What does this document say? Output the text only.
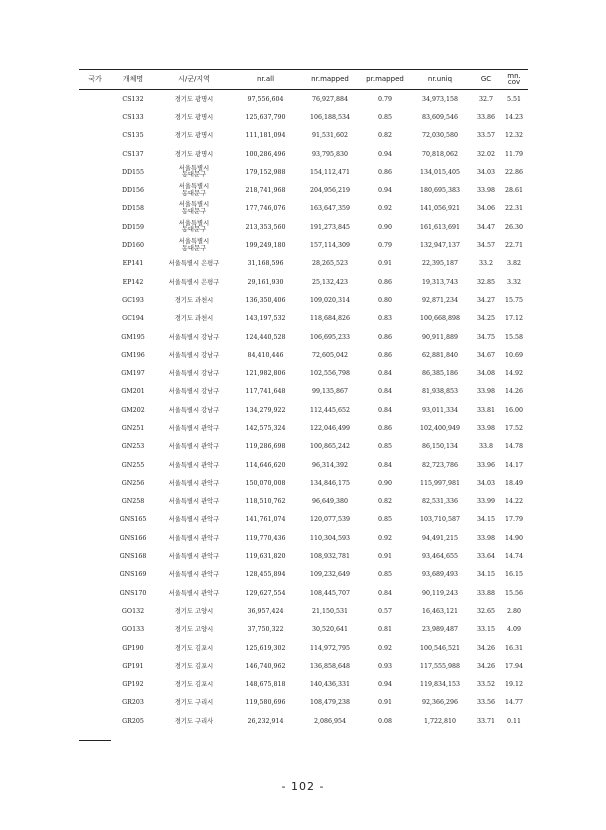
국가	개체명	시/군/지역	nr.all	nr.mapped	pr.mapped	nr.uniq	GC	mn.
cov
	CS132	경기도 광명시	97,556,604	76,927,884	0.79	34,973,158	32.7	5.51
	CS133	경기도 광명시	125,637,790	106,188,534	0.85	83,609,546	33.86	14.23
	CS135	경기도 광명시	111,181,094	91,531,602	0.82	72,030,580	33.57	12.32
	CS137	경기도 광명시	100,286,496	93,795,830	0.94	70,818,062	32.02	11.79
	DD155	서울특별시
동대문구	179,152,988	154,112,471	0.86	134,015,405	34.03	22.86
	DD156	서울특별시
동대문구	218,741,968	204,956,219	0.94	180,695,383	33.98	28.61
	DD158	서울특별시
동대문구	177,746,076	163,647,359	0.92	141,056,921	34.06	22.31
	DD159	서울특별시
동대문구	213,353,560	191,273,845	0.90	161,613,691	34.47	26.30
	DD160	서울특별시
동대문구	199,249,180	157,114,309	0.79	132,947,137	34.57	22.71
	EP141	서울특별시 은평구	31,168,596	28,265,523	0.91	22,395,187	33.2	3.82
	EP142	서울특별시 은평구	29,161,930	25,132,423	0.86	19,313,743	32.85	3.32
	GC193	경기도 과천시	136,350,406	109,020,314	0.80	92,871,234	34.27	15.75
	GC194	경기도 과천시	143,197,532	118,684,826	0.83	100,668,898	34.25	17.12
	GM195	서울특별시 강남구	124,440,528	106,695,233	0.86	90,911,889	34.75	15.58
	GM196	서울특별시 강남구	84,410,446	72,605,042	0.86	62,881,840	34.67	10.69
	GM197	서울특별시 강남구	121,982,806	102,556,798	0.84	86,385,186	34.08	14.92
	GM201	서울특별시 강남구	117,741,648	99,135,867	0.84	81,938,853	33.98	14.26
	GM202	서울특별시 강남구	134,279,922	112,445,652	0.84	93,011,334	33.81	16.00
	GN251	서울특별시 관악구	142,575,324	122,046,499	0.86	102,400,949	33.98	17.52
	GN253	서울특별시 관악구	119,286,698	100,865,242	0.85	86,150,134	33.8	14.78
	GN255	서울특별시 관악구	114,646,620	96,314,392	0.84	82,723,786	33.96	14.17
	GN256	서울특별시 관악구	150,070,008	134,846,175	0.90	115,997,981	34.03	18.49
	GN258	서울특별시 관악구	118,510,762	96,649,380	0.82	82,531,336	33.99	14.22
	GNS165	서울특별시 관악구	141,761,074	120,077,539	0.85	103,710,587	34.15	17.79
	GNS166	서울특별시 관악구	119,770,436	110,304,593	0.92	94,491,215	33.98	14.90
	GNS168	서울특별시 관악구	119,631,820	108,932,781	0.91	93,464,655	33.64	14.74
	GNS169	서울특별시 관악구	128,455,894	109,232,649	0.85	93,689,493	34.15	16.15
	GNS170	서울특별시 관악구	129,627,554	108,445,707	0.84	90,119,243	33.88	15.56
	GO132	경기도 고양시	36,957,424	21,150,531	0.57	16,463,121	32.65	2.80
	GO133	경기도 고양시	37,750,322	30,520,641	0.81	23,989,487	33.15	4.09
	GP190	경기도 김포시	125,619,302	114,972,795	0.92	100,546,521	34.26	16.31
	GP191	경기도 김포시	146,740,962	136,858,648	0.93	117,555,988	34.26	17.94
	GP192	경기도 김포시	148,675,818	140,436,331	0.94	119,834,153	33.52	19.12
	GR203	경기도 구리시	119,580,696	108,479,238	0.91	92,366,296	33.56	14.77
	GR205	경기도 구리사	26,232,914	2,086,954	0.08	1,722,810	33.71	0.11
- 102 -
